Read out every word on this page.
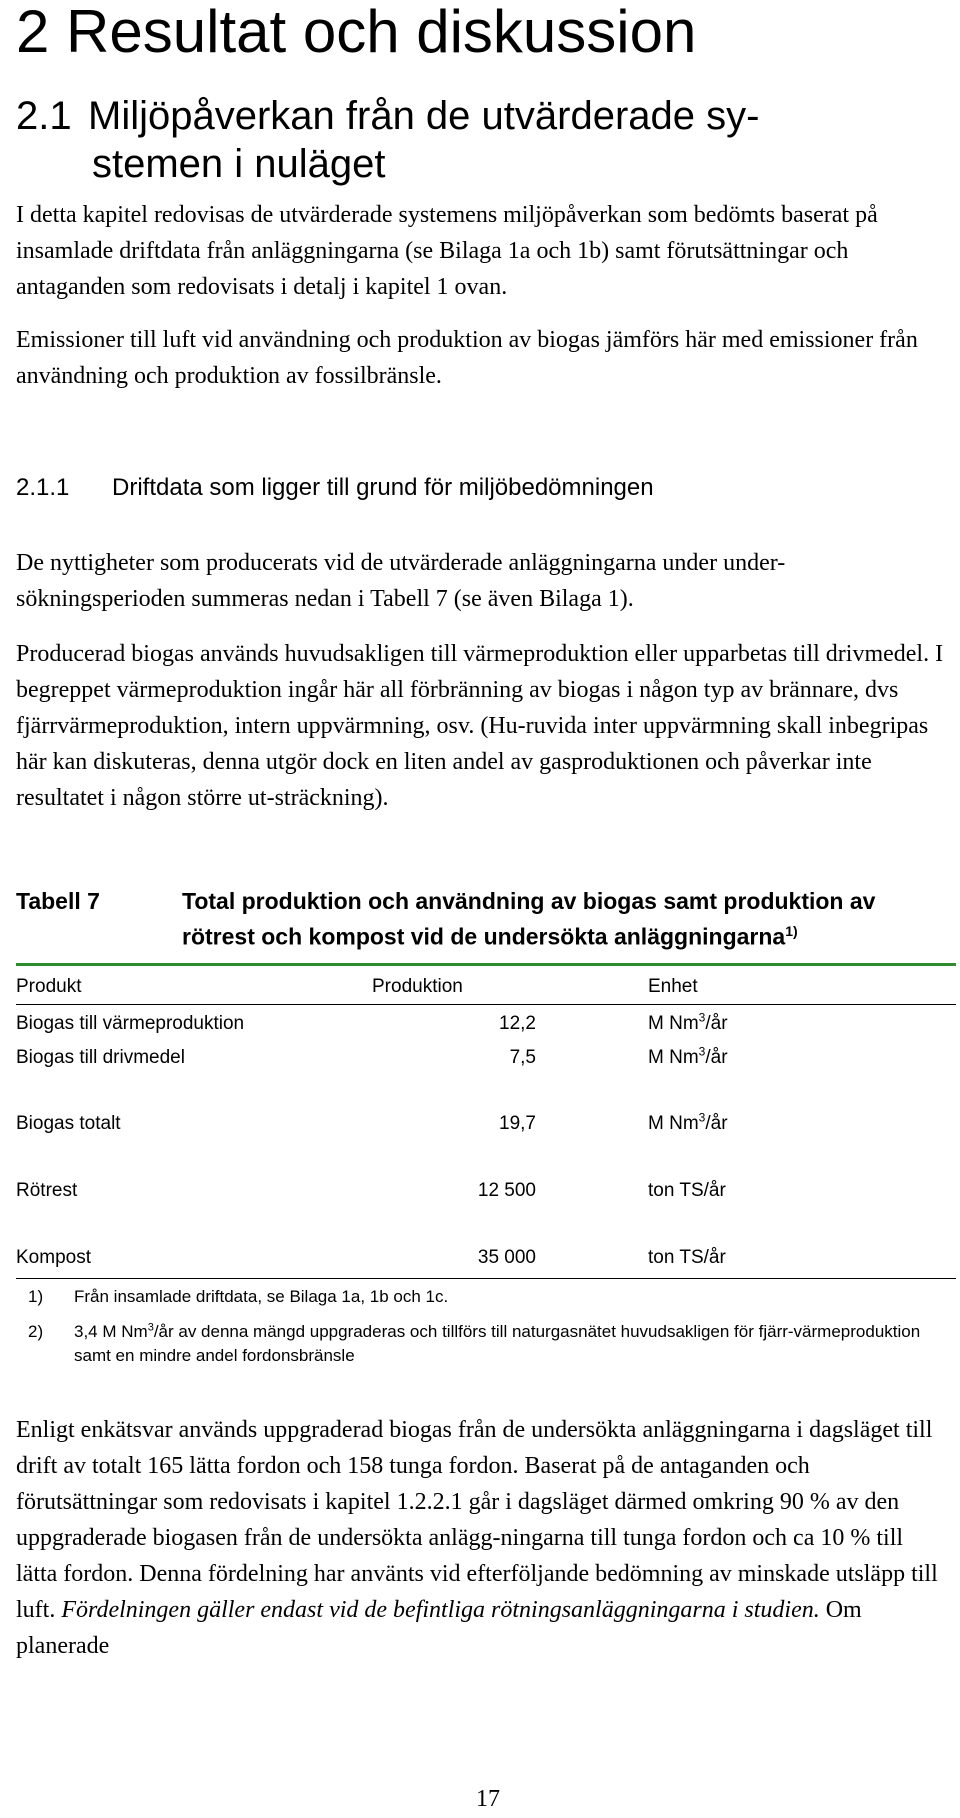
2 Resultat och diskussion
2.1 Miljöpåverkan från de utvärderade sy-
stemen i nuläget

I detta kapitel redovisas de utvärderade systemens miljöpåverkan som bedömts baserat på insamlade driftdata från anläggningarna (se Bilaga 1a och 1b) samt förutsättningar och antaganden som redovisats i detalj i kapitel 1 ovan.

Emissioner till luft vid användning och produktion av biogas jämförs här med emissioner från användning och produktion av fossilbränsle.

2.1.1 Driftdata som ligger till grund för miljöbedömningen

De nyttigheter som producerats vid de utvärderade anläggningarna under under-sökningsperioden summeras nedan i Tabell 7 (se även Bilaga 1).

Producerad biogas används huvudsakligen till värmeproduktion eller upparbetas till drivmedel. I begreppet värmeproduktion ingår här all förbränning av biogas i någon typ av brännare, dvs fjärrvärmeproduktion, intern uppvärmning, osv. (Hu-ruvida inter uppvärmning skall inbegripas här kan diskuteras, denna utgör dock en liten andel av gasproduktionen och påverkar inte resultatet i någon större ut-sträckning).

Tabell 7	Total produktion och användning av biogas samt produktion av rötrest och kompost vid de undersökta anläggningarna$^{1)}$
Produkt	Produktion	Enhet
Biogas till värmeproduktion	12,2	M Nm$^3$/år
Biogas till drivmedel	7,5	M Nm$^3$/år
Biogas totalt	19,7	M Nm$^3$/år
Rötrest	12 500	ton TS/år
Kompost	35 000	ton TS/år
1) Från insamlade driftdata, se Bilaga 1a, 1b och 1c.
2) 3,4 M Nm$^3$/år av denna mängd uppgraderas och tillförs till naturgasnätet huvudsakligen för fjärr-värmeproduktion samt en mindre andel fordonsbränsle

Enligt enkätsvar används uppgraderad biogas från de undersökta anläggningarna i dagsläget till drift av totalt 165 lätta fordon och 158 tunga fordon. Baserat på de antaganden och förutsättningar som redovisats i kapitel 1.2.2.1 går i dagsläget därmed omkring 90 % av den uppgraderade biogasen från de undersökta anlägg-ningarna till tunga fordon och ca 10 % till lätta fordon. Denna fördelning har använts vid efterföljande bedömning av minskade utsläpp till luft. Fördelningen gäller endast vid de befintliga rötningsanläggningarna i studien. Om planerade

17
